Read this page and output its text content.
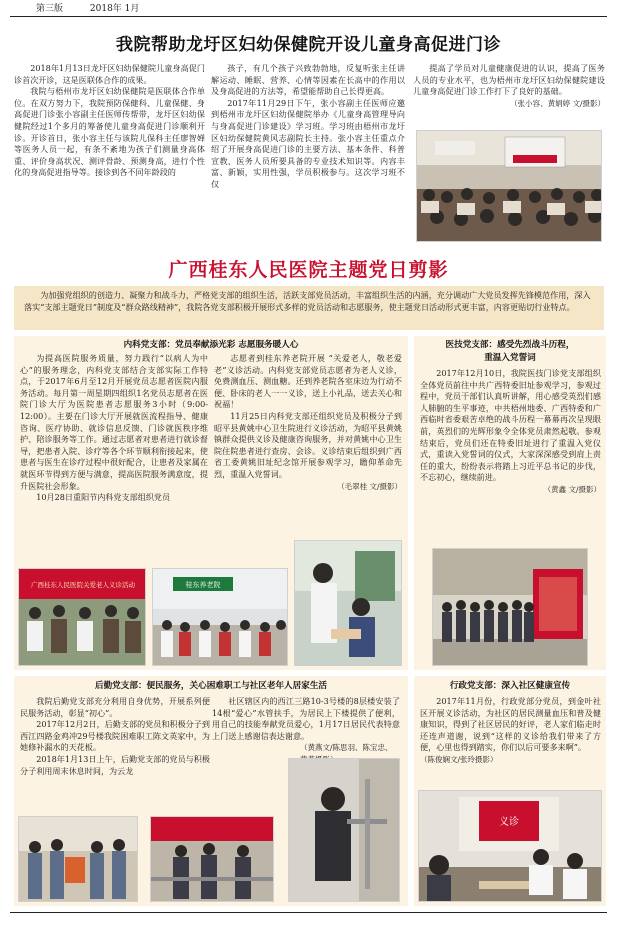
第三版	2018年 1月
我院帮助龙圩区妇幼保健院开设儿童身高促进门诊

2018年1月13日龙圩区妇幼保健院儿童身高促门诊首次开诊，这是医联体合作的成果。

我院与梧州市龙圩区妇幼保健院是医联体合作单位。在双方努力下，我院预防保健科、儿童保健、身高促进门诊张小容副主任医师传帮带，龙圩区妇幼保健院经过1个多月的筹备使儿童身高促进门诊顺利开诊。开诊首日，张小容主任与该院儿保科主任廖智婵等医务人员一起，有条不紊地为孩子们测量身高体重、评价身高状况、测评骨龄、预测身高，进行个性化的身高促进指导等。接诊到各不同年龄段的

孩子，有几个孩子兴致勃勃地，反复听张主任讲解运动、睡眠、营养、心情等因素在长高中的作用以及身高促进的方法等，希望能帮助自己长得更高。

2017年11月29日下午，张小容副主任医师应邀到梧州市龙圩区妇幼保健院举办《儿童身高管理导向与身高促进门诊建设》学习班。学习班由梧州市龙圩区妇幼保健院黄风志副院长主持。张小容主任重点介绍了开展身高促进门诊的主要方法、基本条件、科普宣教、医务人员所要具备的专业技术知识等。内容丰富、新颖，实用性强，学员积极参与。这次学习班不仅

提高了学员对儿童健康促进的认识，提高了医务人员的专业水平，也为梧州市龙圩区妇幼保健院建设儿童身高促进门诊工作打下了良好的基础。

（张小容、黄娟婷 文/摄影）

广西桂东人民医院主题党日剪影

为加强党组织的创造力、凝聚力和战斗力，严格党支部的组织生活，活跃支部党员活动，丰富组织生活的内涵，充分调动广大党员发挥先锋模范作用，深入落实“支部主题党日”制度及“群众路线精神”，我院各党支部积极开展形式多样的党员活动和志愿服务，使主题党日活动形式更丰富，内容更贴切行业特点。

内科党支部：党员奉献添光彩 志愿服务暖人心

为提高医院服务质量，努力践行“以病人为中心”的服务理念，内科党支部结合支部实际工作特点，于2017年6月至12月开展党员志愿者医院内服务活动。每月第一周星期四组织1名党员志愿者在医院门诊大厅为医院患者志愿服务3小时（9:00-12:00）。主要在门诊大厅开展就医流程指导、健康咨询、医疗协助、就诊信息反馈、门诊就医秩序维护、陪诊服务等工作。通过志愿者对患者进行就诊督导，把患者入院、诊疗等各个环节顺利衔接起来，使患者与医生在诊疗过程中很好配合，让患者及家属在就医环节得到方便与满意，提高医院服务满意度，提升医院社会形象。

10月28日重阳节内科党支部组织党员

志愿者到桂东养老院开展 “关爱老人，敬老爱老”义诊活动。内科党支部党员志愿者为老人义诊，免费测血压、测血糖。还到养老院各室床边为行动不便、卧床的老人一一义诊，送上小礼品，送去关心和祝福！

11月25日内科党支部还组织党员及积极分子到昭平县黄姚中心卫生院进行义诊活动，为昭平县黄姚镇群众提供义诊及健康咨询服务，并对黄姚中心卫生院住院患者进行查房、会诊。义诊结束后组织到广西省工委黄姚旧址纪念馆开展参观学习，瞻仰革命先烈，重温入党誓词。

（毛翠桂 文/摄影）

广西桂东人民医院关爱老人义诊活动	桂东养老院
医技党支部：感受先烈战斗历程，
重温入党誓词

2017年12月10日，我院医技门诊党支部组织全体党员前往中共广西特委旧址参观学习，参观过程中，党员干部们认真听讲解，用心感受英烈们感人肺腑的生平事迹，中共梧州地委、广西特委和广西临时省委艰苦卓绝的战斗历程一幕幕再次呈现眼前，英烈们的光辉形象令全体党员肃然起敬。参观结束后，党员们还在特委旧址进行了重温入党仪式，重读入党誓词的仪式，大家深深感受到肩上责任的重大，纷纷表示将踏上习近平总书记的步伐，不忘初心，继续前进。

（黄鑫 文/摄影）

后勤党支部：便民服务，关心困难职工与社区老年人居家生活

我院后勤党支部充分利用自身优势，开展系列便民服务活动，彰显“初心”。

2017年12月2日，后勤支部的党员和积极分子到西江四路金鸡冲29号楼我院困难职工陈文英家中，为她修补漏水的天花板。

2018年1月13日上午，后勤党支部的党员与积极分子利用周末休息时间，为云龙

社区辖区内的西江三路10-3号楼的8层楼安装了14根“爱心”水管扶手，为居民上下楼提供了便利，用自己的技能奉献党员爱心，1月17日居民代表特意上门送上感谢信表达谢意。

（黄燕文/陈思羽、陈宝忠、

行政党支部：深入社区健康宣传

2017年11月份，行政党部分党员，到金叶社区开展义诊活动，为社区的居民测量血压和普及健康知识，得到了社区居民的好评，老人家们临走时还连声道谢，说到“这样的义诊给我们带来了方便，心里也得到踏实，你们以后可要多来啊”。

（陈俊娴文/张玲摄影）

义诊
